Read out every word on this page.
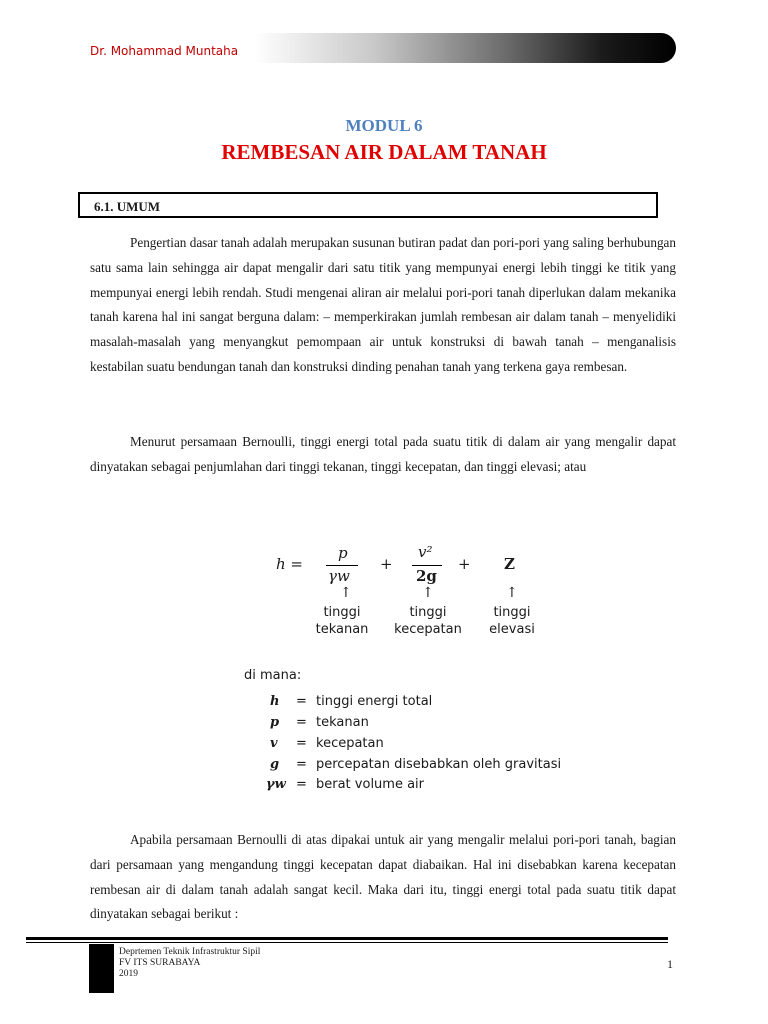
Dr. Mohammad Muntaha
MODUL 6
REMBESAN AIR DALAM TANAH
6.1. UMUM

Pengertian dasar tanah adalah merupakan susunan butiran padat dan pori-pori yang saling berhubungan satu sama lain sehingga air dapat mengalir dari satu titik yang mempunyai energi lebih tinggi ke titik yang mempunyai energi lebih rendah. Studi mengenai aliran air melalui pori-pori tanah diperlukan dalam mekanika tanah karena hal ini sangat berguna dalam: – memperkirakan jumlah rembesan air dalam tanah – menyelidiki masalah-masalah yang menyangkut pemompaan air untuk konstruksi di bawah tanah – menganalisis kestabilan suatu bendungan tanah dan konstruksi dinding penahan tanah yang terkena gaya rembesan.

Menurut persamaan Bernoulli, tinggi energi total pada suatu titik di dalam air yang mengalir dapat dinyatakan sebagai penjumlahan dari tinggi tekanan, tinggi kecepatan, dan tinggi elevasi; atau

h =
p
γw
+
v²
2g
+ Z
↑	↑	↑
tinggi
tekanan
tinggi
kecepatan
tinggi
elevasi
di mana:
h	= tinggi energi total
p	= tekanan
v	= kecepatan
g	= percepatan disebabkan oleh gravitasi
γw = berat volume air

Apabila persamaan Bernoulli di atas dipakai untuk air yang mengalir melalui pori-pori tanah, bagian dari persamaan yang mengandung tinggi kecepatan dapat diabaikan. Hal ini disebabkan karena kecepatan rembesan air di dalam tanah adalah sangat kecil. Maka dari itu, tinggi energi total pada suatu titik dapat dinyatakan sebagai berikut :

Deprtemen Teknik Infrastruktur Sipil
FV ITS SURABAYA
2019
1
